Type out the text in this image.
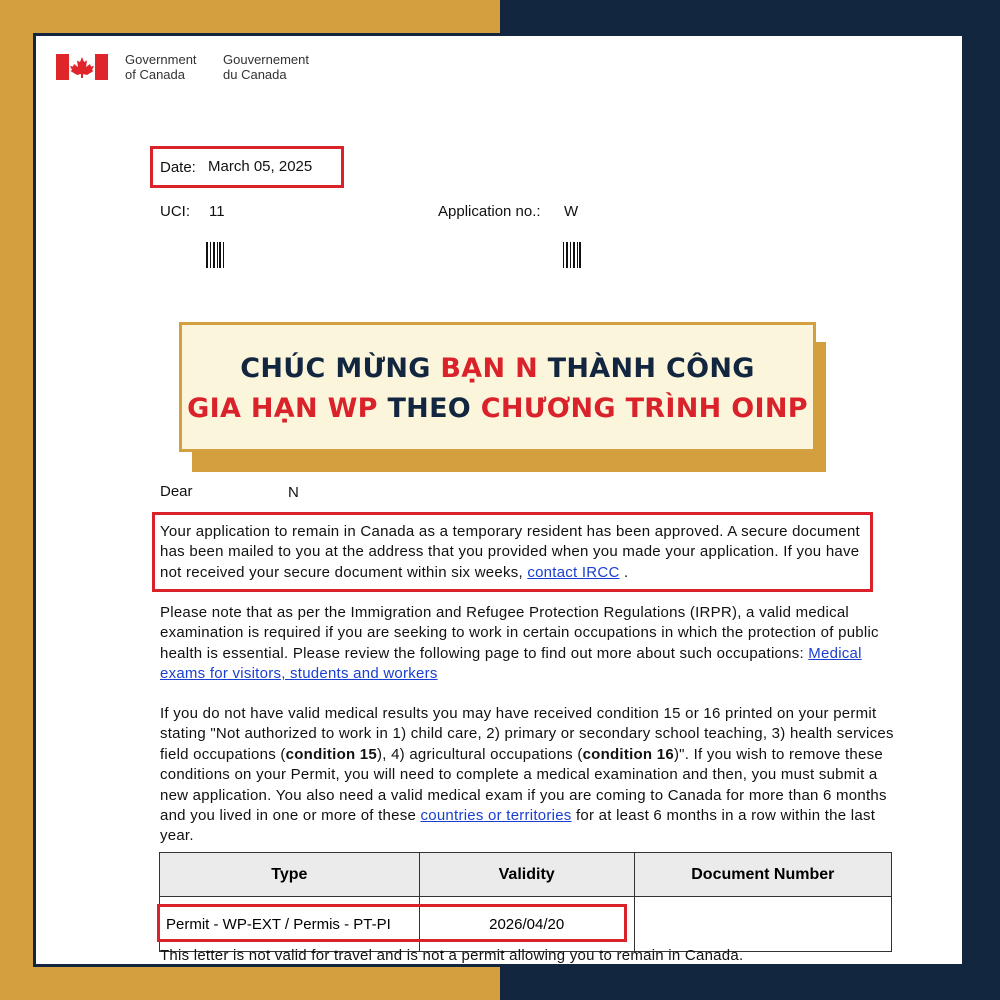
Government
of Canada
Gouvernement
du Canada
Date: March 05, 2025
UCI: 11	Application no.: W
CHÚC MỪNG BẠN N THÀNH CÔNG
GIA HẠN WP THEO CHƯƠNG TRÌNH OINP
Dear	N
Your application to remain in Canada as a temporary resident has been approved. A secure document has been mailed to you at the address that you provided when you made your application. If you have not received your secure document within six weeks, contact IRCC .
Please note that as per the Immigration and Refugee Protection Regulations (IRPR), a valid medical examination is required if you are seeking to work in certain occupations in which the protection of public health is essential. Please review the following page to find out more about such occupations: Medical exams for visitors, students and workers
If you do not have valid medical results you may have received condition 15 or 16 printed on your permit stating "Not authorized to work in 1) child care, 2) primary or secondary school teaching, 3) health services field occupations (condition 15), 4) agricultural occupations (condition 16)". If you wish to remove these conditions on your Permit, you will need to complete a medical examination and then, you must submit a new application. You also need a valid medical exam if you are coming to Canada for more than 6 months and you lived in one or more of these countries or territories for at least 6 months in a row within the last year.
Type	Validity	Document Number
Permit - WP-EXT / Permis - PT-PI	2026/04/20	
This letter is not valid for travel and is not a permit allowing you to remain in Canada.
